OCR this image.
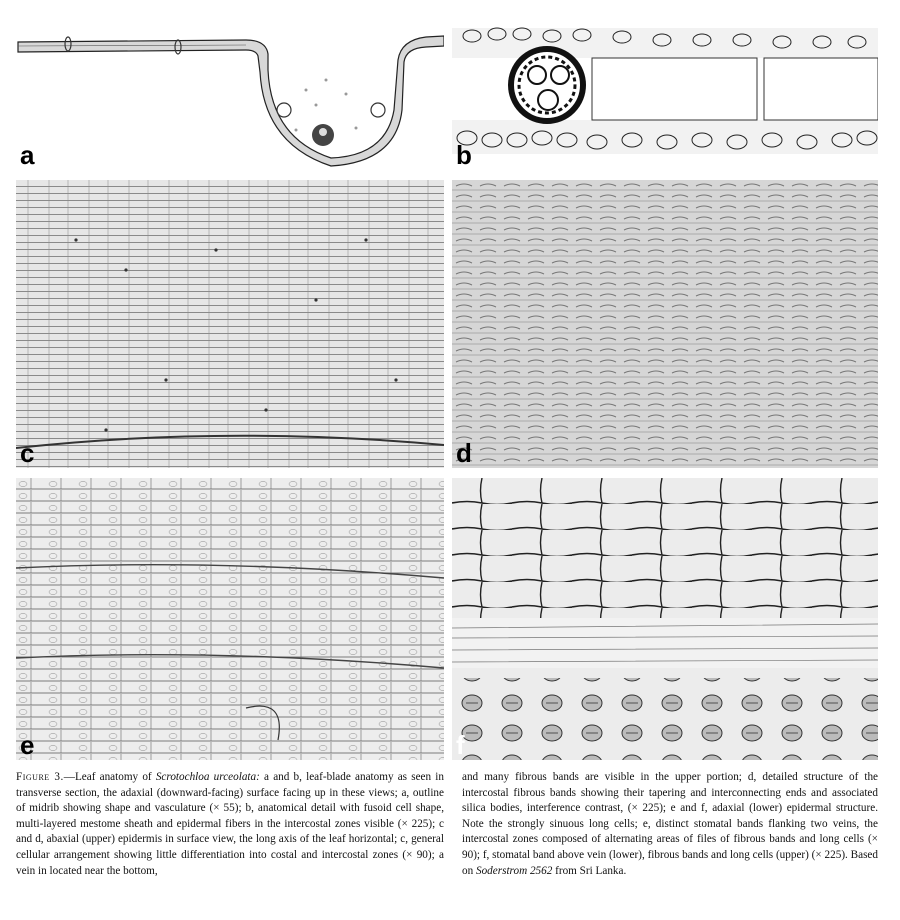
a	b
c	d
e	f
Figure 3.—Leaf anatomy of Scrotochloa urceolata: a and b, leaf-blade anatomy as seen in transverse section, the adaxial (downward-facing) surface facing up in these views; a, outline of midrib showing shape and vasculature (× 55); b, anatomical detail with fusoid cell shape, multi-layered mestome sheath and epidermal fibers in the intercostal zones visible (× 225); c and d, abaxial (upper) epidermis in surface view, the long axis of the leaf horizontal; c, general cellular arrangement showing little differentiation into costal and intercostal zones (× 90); a vein in located near the bottom,
and many fibrous bands are visible in the upper portion; d, detailed structure of the intercostal fibrous bands showing their tapering and interconnecting ends and associated silica bodies, interference contrast, (× 225); e and f, adaxial (lower) epidermal structure. Note the strongly sinuous long cells; e, distinct stomatal bands flanking two veins, the intercostal zones composed of alternating areas of files of fibrous bands and long cells (× 90); f, stomatal band above vein (lower), fibrous bands and long cells (upper) (× 225). Based on Soderstrom 2562 from Sri Lanka.
